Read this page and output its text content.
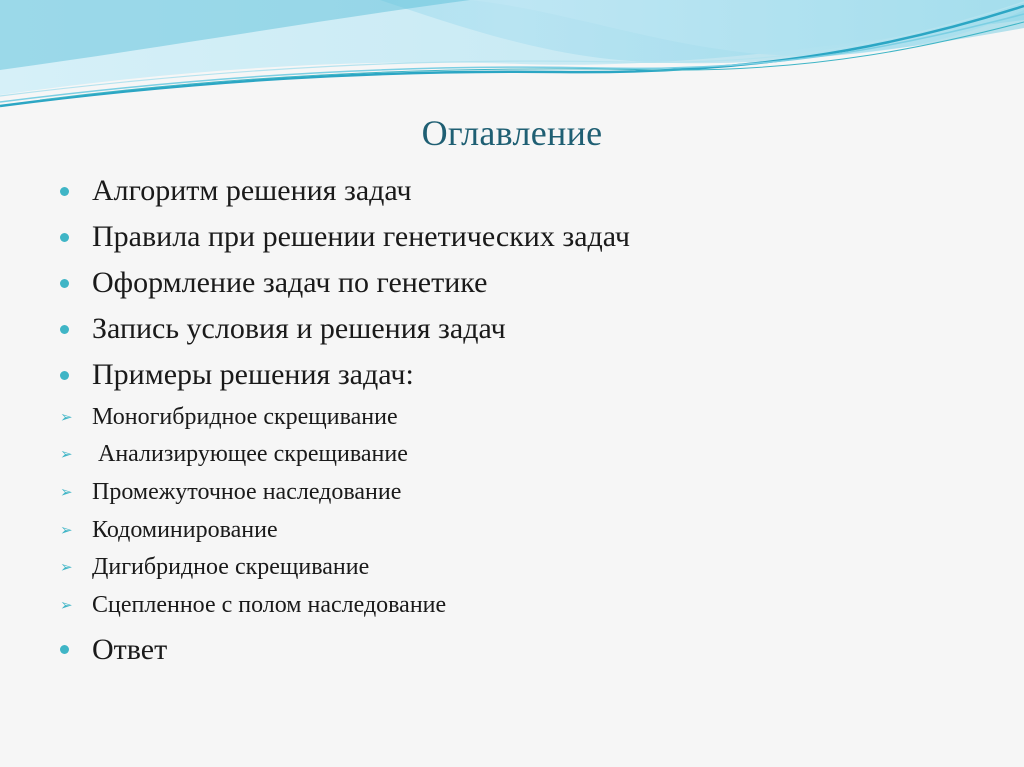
Оглавление
Алгоритм решения задач
Правила при решении генетических задач
Оформление задач по генетике
Запись условия и решения задач
Примеры решения задач:
➢ Моногибридное скрещивание
➢ Анализирующее скрещивание
➢ Промежуточное наследование
➢ Кодоминирование
➢ Дигибридное скрещивание
➢ Сцепленное с полом наследование
Ответ
